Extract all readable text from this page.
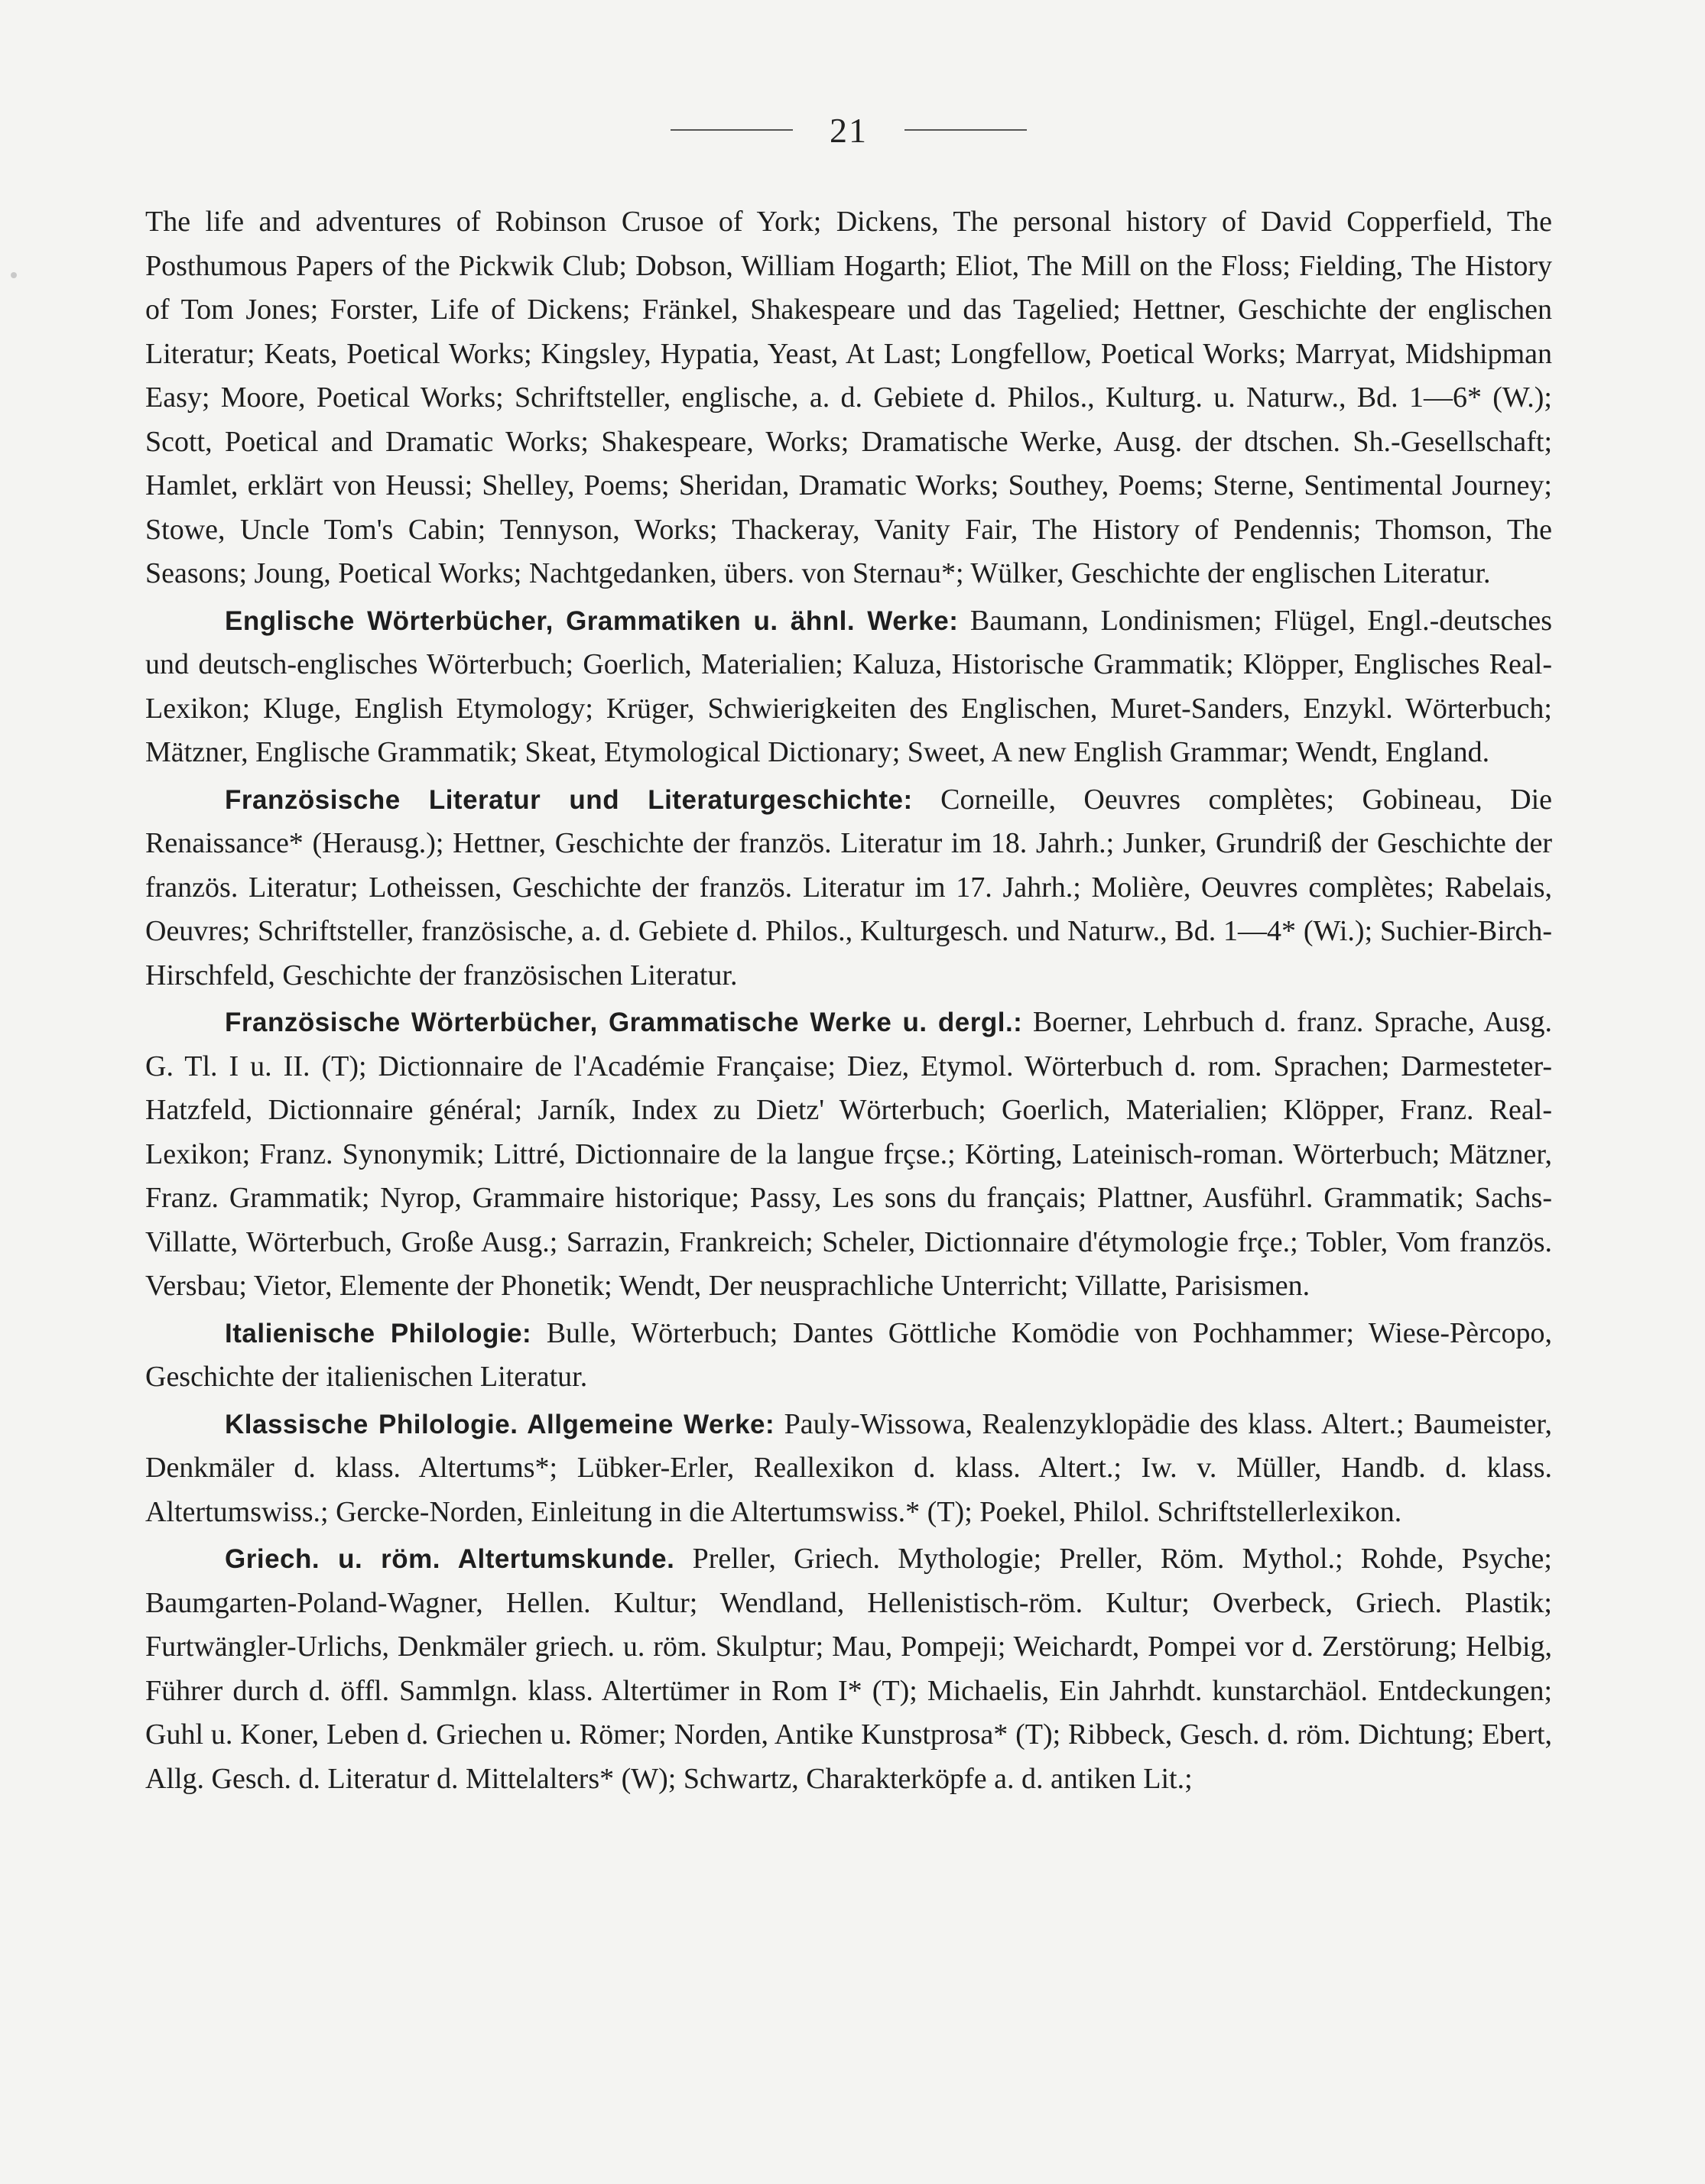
21

The life and adventures of Robinson Crusoe of York; Dickens, The personal history of David Copperfield, The Posthumous Papers of the Pickwik Club; Dobson, William Hogarth; Eliot, The Mill on the Floss; Fielding, The History of Tom Jones; Forster, Life of Dickens; Fränkel, Shakespeare und das Tagelied; Hettner, Geschichte der englischen Literatur; Keats, Poetical Works; Kingsley, Hypatia, Yeast, At Last; Longfellow, Poetical Works; Marryat, Midshipman Easy; Moore, Poetical Works; Schriftsteller, englische, a. d. Gebiete d. Philos., Kulturg. u. Naturw., Bd. 1—6* (W.); Scott, Poetical and Dramatic Works; Shakespeare, Works; Dramatische Werke, Ausg. der dtschen. Sh.-Gesellschaft; Hamlet, erklärt von Heussi; Shelley, Poems; Sheridan, Dramatic Works; Southey, Poems; Sterne, Sentimental Journey; Stowe, Uncle Tom's Cabin; Tennyson, Works; Thackeray, Vanity Fair, The History of Pendennis; Thomson, The Seasons; Joung, Poetical Works; Nachtgedanken, übers. von Sternau*; Wülker, Geschichte der englischen Literatur.

Englische Wörterbücher, Grammatiken u. ähnl. Werke: Baumann, Londinismen; Flügel, Engl.-deutsches und deutsch-englisches Wörterbuch; Goerlich, Materialien; Kaluza, Historische Grammatik; Klöpper, Englisches Real-Lexikon; Kluge, English Etymology; Krüger, Schwierigkeiten des Englischen, Muret-Sanders, Enzykl. Wörterbuch; Mätzner, Englische Grammatik; Skeat, Etymological Dictionary; Sweet, A new English Grammar; Wendt, England.

Französische Literatur und Literaturgeschichte: Corneille, Oeuvres complètes; Gobineau, Die Renaissance* (Herausg.); Hettner, Geschichte der französ. Literatur im 18. Jahrh.; Junker, Grundriß der Geschichte der französ. Literatur; Lotheissen, Geschichte der französ. Literatur im 17. Jahrh.; Molière, Oeuvres complètes; Rabelais, Oeuvres; Schriftsteller, französische, a. d. Gebiete d. Philos., Kulturgesch. und Naturw., Bd. 1—4* (Wi.); Suchier-Birch-Hirschfeld, Geschichte der französischen Literatur.

Französische Wörterbücher, Grammatische Werke u. dergl.: Boerner, Lehrbuch d. franz. Sprache, Ausg. G. Tl. I u. II. (T); Dictionnaire de l'Académie Française; Diez, Etymol. Wörterbuch d. rom. Sprachen; Darmesteter-Hatzfeld, Dictionnaire général; Jarník, Index zu Dietz' Wörterbuch; Goerlich, Materialien; Klöpper, Franz. Real-Lexikon; Franz. Synonymik; Littré, Dictionnaire de la langue frçse.; Körting, Lateinisch-roman. Wörterbuch; Mätzner, Franz. Grammatik; Nyrop, Grammaire historique; Passy, Les sons du français; Plattner, Ausführl. Grammatik; Sachs-Villatte, Wörterbuch, Große Ausg.; Sarrazin, Frankreich; Scheler, Dictionnaire d'étymologie frçe.; Tobler, Vom französ. Versbau; Vietor, Elemente der Phonetik; Wendt, Der neusprachliche Unterricht; Villatte, Parisismen.

Italienische Philologie: Bulle, Wörterbuch; Dantes Göttliche Komödie von Pochhammer; Wiese-Pèrcopo, Geschichte der italienischen Literatur.

Klassische Philologie. Allgemeine Werke: Pauly-Wissowa, Realenzyklopädie des klass. Altert.; Baumeister, Denkmäler d. klass. Altertums*; Lübker-Erler, Reallexikon d. klass. Altert.; Iw. v. Müller, Handb. d. klass. Altertumswiss.; Gercke-Norden, Einleitung in die Altertumswiss.* (T); Poekel, Philol. Schriftstellerlexikon.

Griech. u. röm. Altertumskunde. Preller, Griech. Mythologie; Preller, Röm. Mythol.; Rohde, Psyche; Baumgarten-Poland-Wagner, Hellen. Kultur; Wendland, Hellenistisch-röm. Kultur; Overbeck, Griech. Plastik; Furtwängler-Urlichs, Denkmäler griech. u. röm. Skulptur; Mau, Pompeji; Weichardt, Pompei vor d. Zerstörung; Helbig, Führer durch d. öffl. Sammlgn. klass. Altertümer in Rom I* (T); Michaelis, Ein Jahrhdt. kunstarchäol. Entdeckungen; Guhl u. Koner, Leben d. Griechen u. Römer; Norden, Antike Kunstprosa* (T); Ribbeck, Gesch. d. röm. Dichtung; Ebert, Allg. Gesch. d. Literatur d. Mittelalters* (W); Schwartz, Charakterköpfe a. d. antiken Lit.;
